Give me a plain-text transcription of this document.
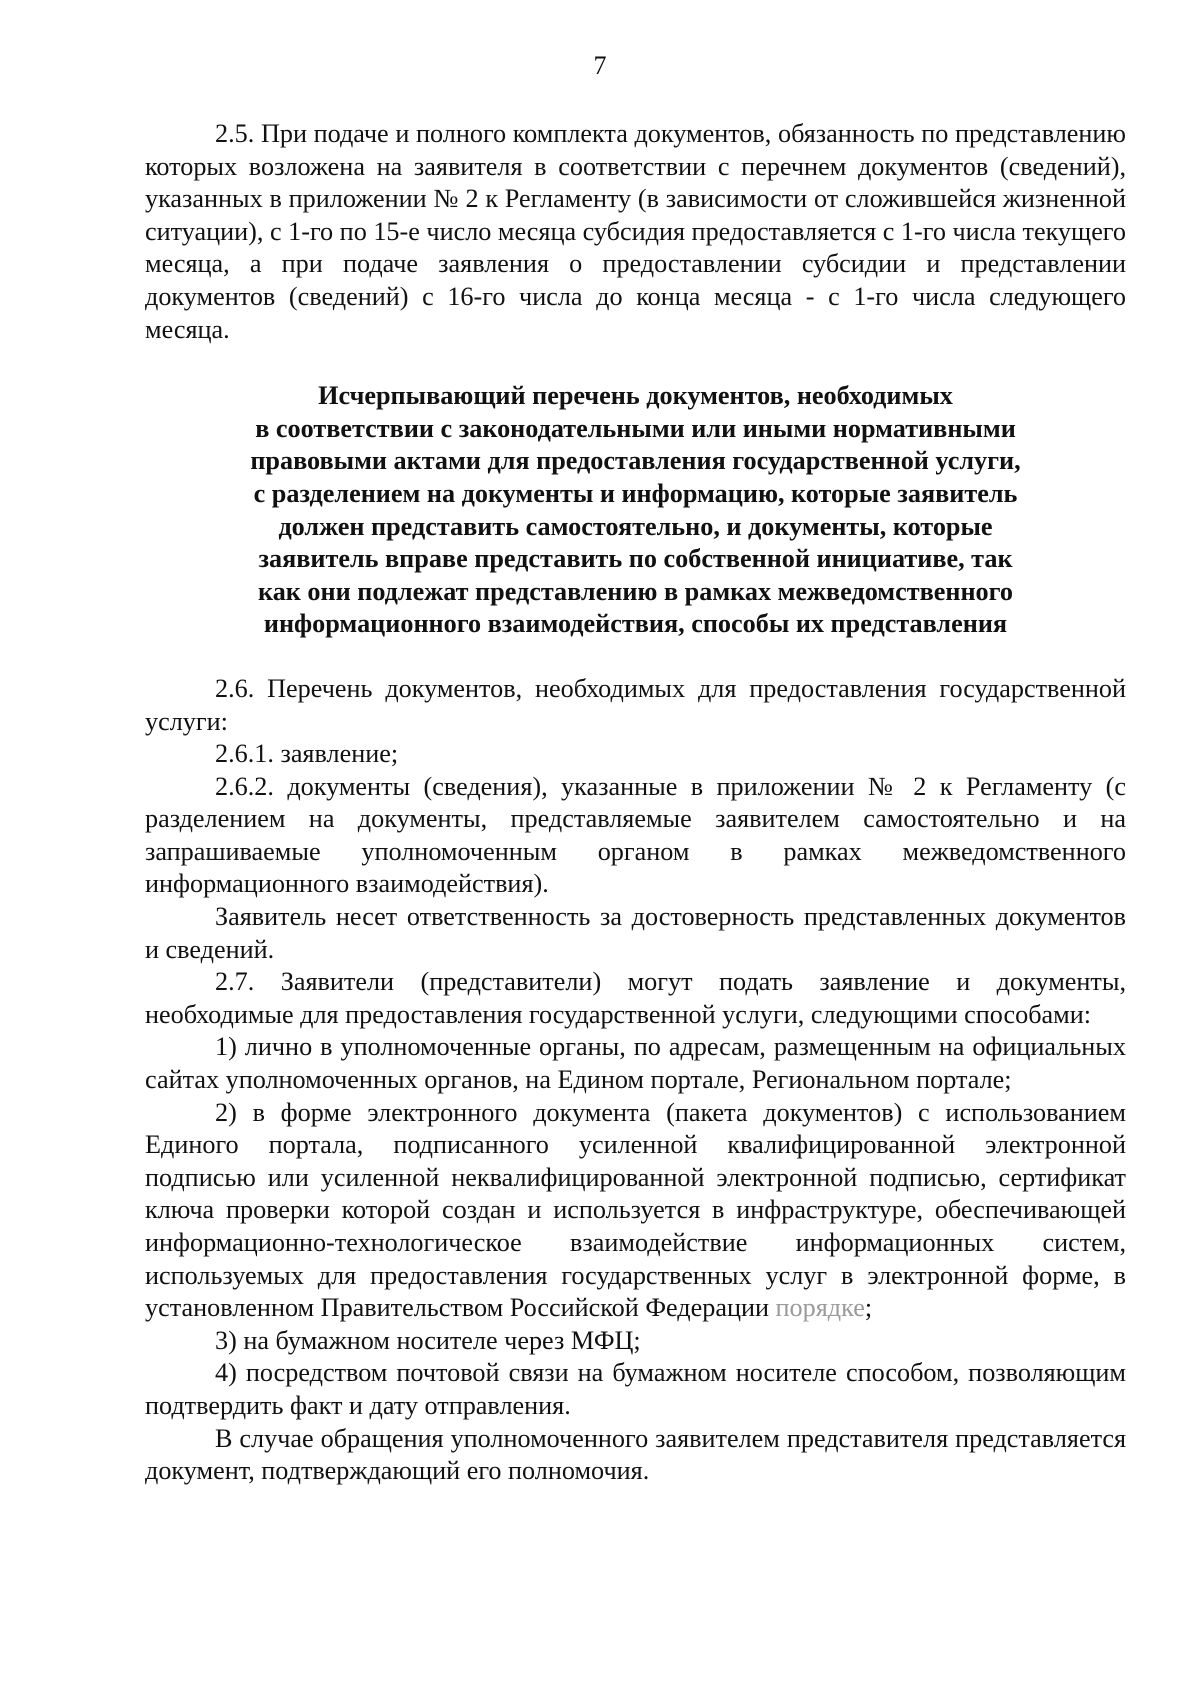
7

2.5. При подаче и полного комплекта документов, обязанность по представлению которых возложена на заявителя в соответствии с перечнем документов (сведений), указанных в приложении № 2 к Регламенту (в зависимости от сложившейся жизненной ситуации), с 1-го по 15-е число месяца субсидия предоставляется с 1-го числа текущего месяца, а при подаче заявления о предоставлении субсидии и представлении документов (сведений) с 16-го числа до конца месяца - с 1-го числа следующего месяца.

Исчерпывающий перечень документов, необходимых
в соответствии с законодательными или иными нормативными
правовыми актами для предоставления государственной услуги,
с разделением на документы и информацию, которые заявитель
должен представить самостоятельно, и документы, которые
заявитель вправе представить по собственной инициативе, так
как они подлежат представлению в рамках межведомственного
информационного взаимодействия, способы их представления

2.6. Перечень документов, необходимых для предоставления государственной услуги:

2.6.1. заявление;

2.6.2. документы (сведения), указанные в приложении № 2 к Регламенту (с разделением на документы, представляемые заявителем самостоятельно и на запрашиваемые уполномоченным органом в рамках межведомственного информационного взаимодействия).

Заявитель несет ответственность за достоверность представленных документов и сведений.

2.7. Заявители (представители) могут подать заявление и документы, необходимые для предоставления государственной услуги, следующими способами:

1) лично в уполномоченные органы, по адресам, размещенным на официальных сайтах уполномоченных органов, на Едином портале, Региональном портале;

2) в форме электронного документа (пакета документов) с использованием Единого портала, подписанного усиленной квалифицированной электронной подписью или усиленной неквалифицированной электронной подписью, сертификат ключа проверки которой создан и используется в инфраструктуре, обеспечивающей информационно-технологическое взаимодействие информационных систем, используемых для предоставления государственных услуг в электронной форме, в установленном Правительством Российской Федерации порядке;

3) на бумажном носителе через МФЦ;

4) посредством почтовой связи на бумажном носителе способом, позволяющим подтвердить факт и дату отправления.

В случае обращения уполномоченного заявителем представителя представляется документ, подтверждающий его полномочия.
